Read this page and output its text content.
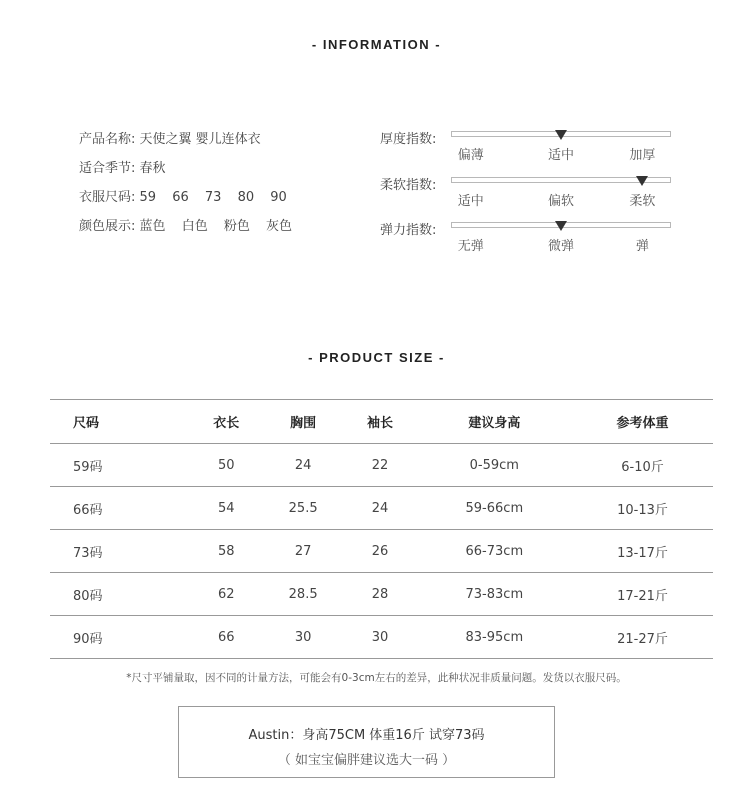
- INFORMATION -
产品名称: 天使之翼 婴儿连体衣
适合季节: 春秋
衣服尺码: 59 66 73 80 90
颜色展示: 蓝色 白色 粉色 灰色
厚度指数:
偏薄	适中	加厚
柔软指数:
适中	偏软	柔软
弹力指数:
无弹	微弹	弹
- PRODUCT SIZE -
尺码	衣长	胸围	袖长	建议身高	参考体重
59码	50	24	22	0-59cm	6-10斤
66码	54	25.5	24	59-66cm	10-13斤
73码	58	27	26	66-73cm	13-17斤
80码	62	28.5	28	73-83cm	17-21斤
90码	66	30	30	83-95cm	21-27斤
*尺寸平铺量取，因不同的计量方法，可能会有0-3cm左右的差异，此种状况非质量问题。发货以衣服尺码。
Austin：身高75CM 体重16斤 试穿73码
（ 如宝宝偏胖建议选大一码 ）
